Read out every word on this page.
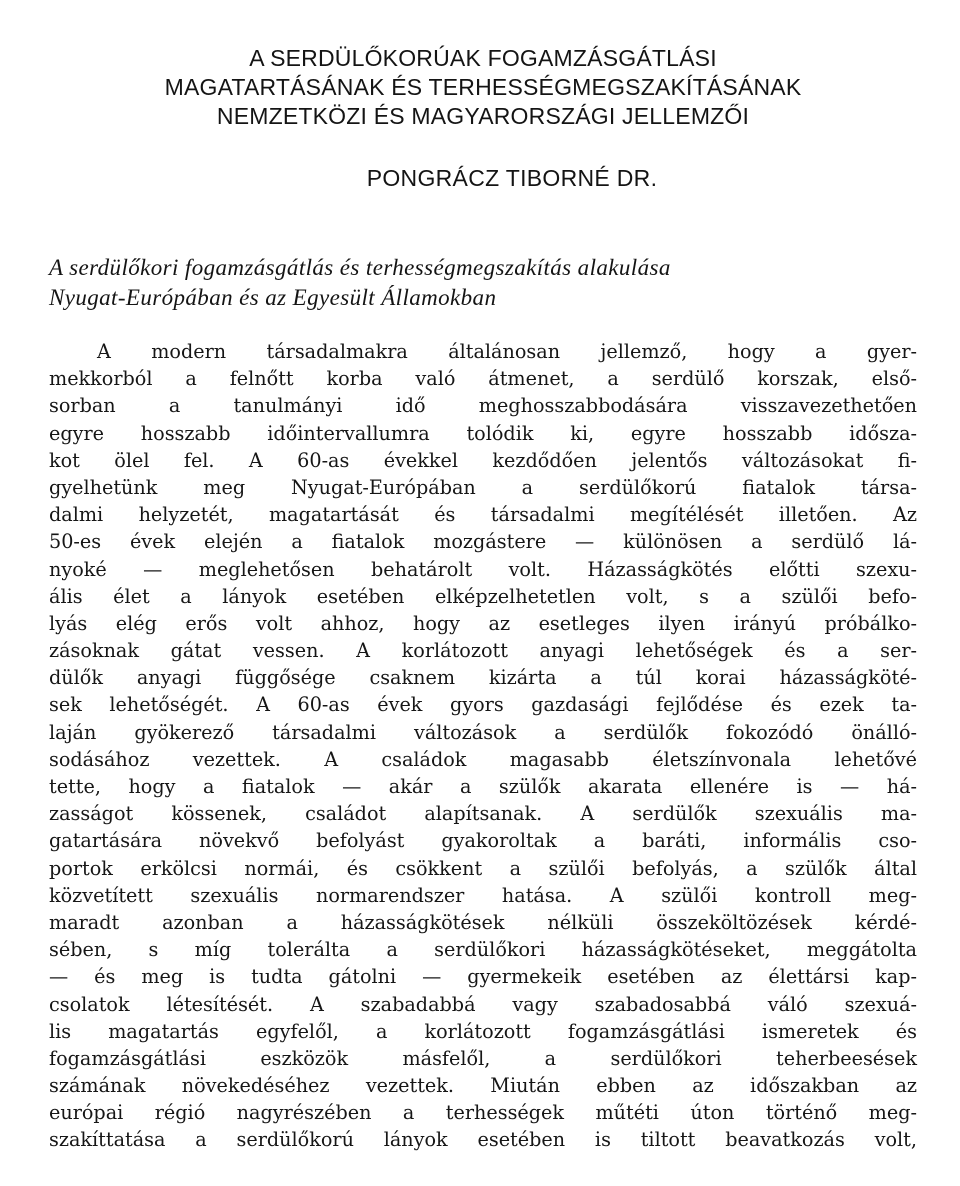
A SERDÜLŐKORÚAK FOGAMZÁSGÁTLÁSI
MAGATARTÁSÁNAK ÉS TERHESSÉGMEGSZAKÍTÁSÁNAK
NEMZETKÖZI ÉS MAGYARORSZÁGI JELLEMZŐI
PONGRÁCZ TIBORNÉ DR.
A serdülőkori fogamzásgátlás és terhességmegszakítás alakulása
Nyugat-Európában és az Egyesült Államokban
A modern társadalmakra általánosan jellemző, hogy a gyer-
mekkorból a felnőtt korba való átmenet, a serdülő korszak, első-
sorban a tanulmányi idő meghosszabbodására visszavezethetően
egyre hosszabb időintervallumra tolódik ki, egyre hosszabb idősza-
kot ölel fel. A 60-as évekkel kezdődően jelentős változásokat fi-
gyelhetünk meg Nyugat-Európában a serdülőkorú fiatalok társa-
dalmi helyzetét, magatartását és társadalmi megítélését illetően. Az
50-es évek elején a fiatalok mozgástere — különösen a serdülő lá-
nyoké — meglehetősen behatárolt volt. Házasságkötés előtti szexu-
ális élet a lányok esetében elképzelhetetlen volt, s a szülői befo-
lyás elég erős volt ahhoz, hogy az esetleges ilyen irányú próbálko-
zásoknak gátat vessen. A korlátozott anyagi lehetőségek és a ser-
dülők anyagi függősége csaknem kizárta a túl korai házasságköté-
sek lehetőségét. A 60-as évek gyors gazdasági fejlődése és ezek ta-
laján gyökerező társadalmi változások a serdülők fokozódó önálló-
sodásához vezettek. A családok magasabb életszínvonala lehetővé
tette, hogy a fiatalok — akár a szülők akarata ellenére is — há-
zasságot kössenek, családot alapítsanak. A serdülők szexuális ma-
gatartására növekvő befolyást gyakoroltak a baráti, informális cso-
portok erkölcsi normái, és csökkent a szülői befolyás, a szülők által
közvetített szexuális normarendszer hatása. A szülői kontroll meg-
maradt azonban a házasságkötések nélküli összeköltözések kérdé-
sében, s míg tolerálta a serdülőkori házasságkötéseket, meggátolta
— és meg is tudta gátolni — gyermekeik esetében az élettársi kap-
csolatok létesítését. A szabadabbá vagy szabadosabbá váló szexuá-
lis magatartás egyfelől, a korlátozott fogamzásgátlási ismeretek és
fogamzásgátlási eszközök másfelől, a serdülőkori teherbeesések
számának növekedéséhez vezettek. Miután ebben az időszakban az
európai régió nagyrészében a terhességek műtéti úton történő meg-
szakíttatása a serdülőkorú lányok esetében is tiltott beavatkozás volt,
